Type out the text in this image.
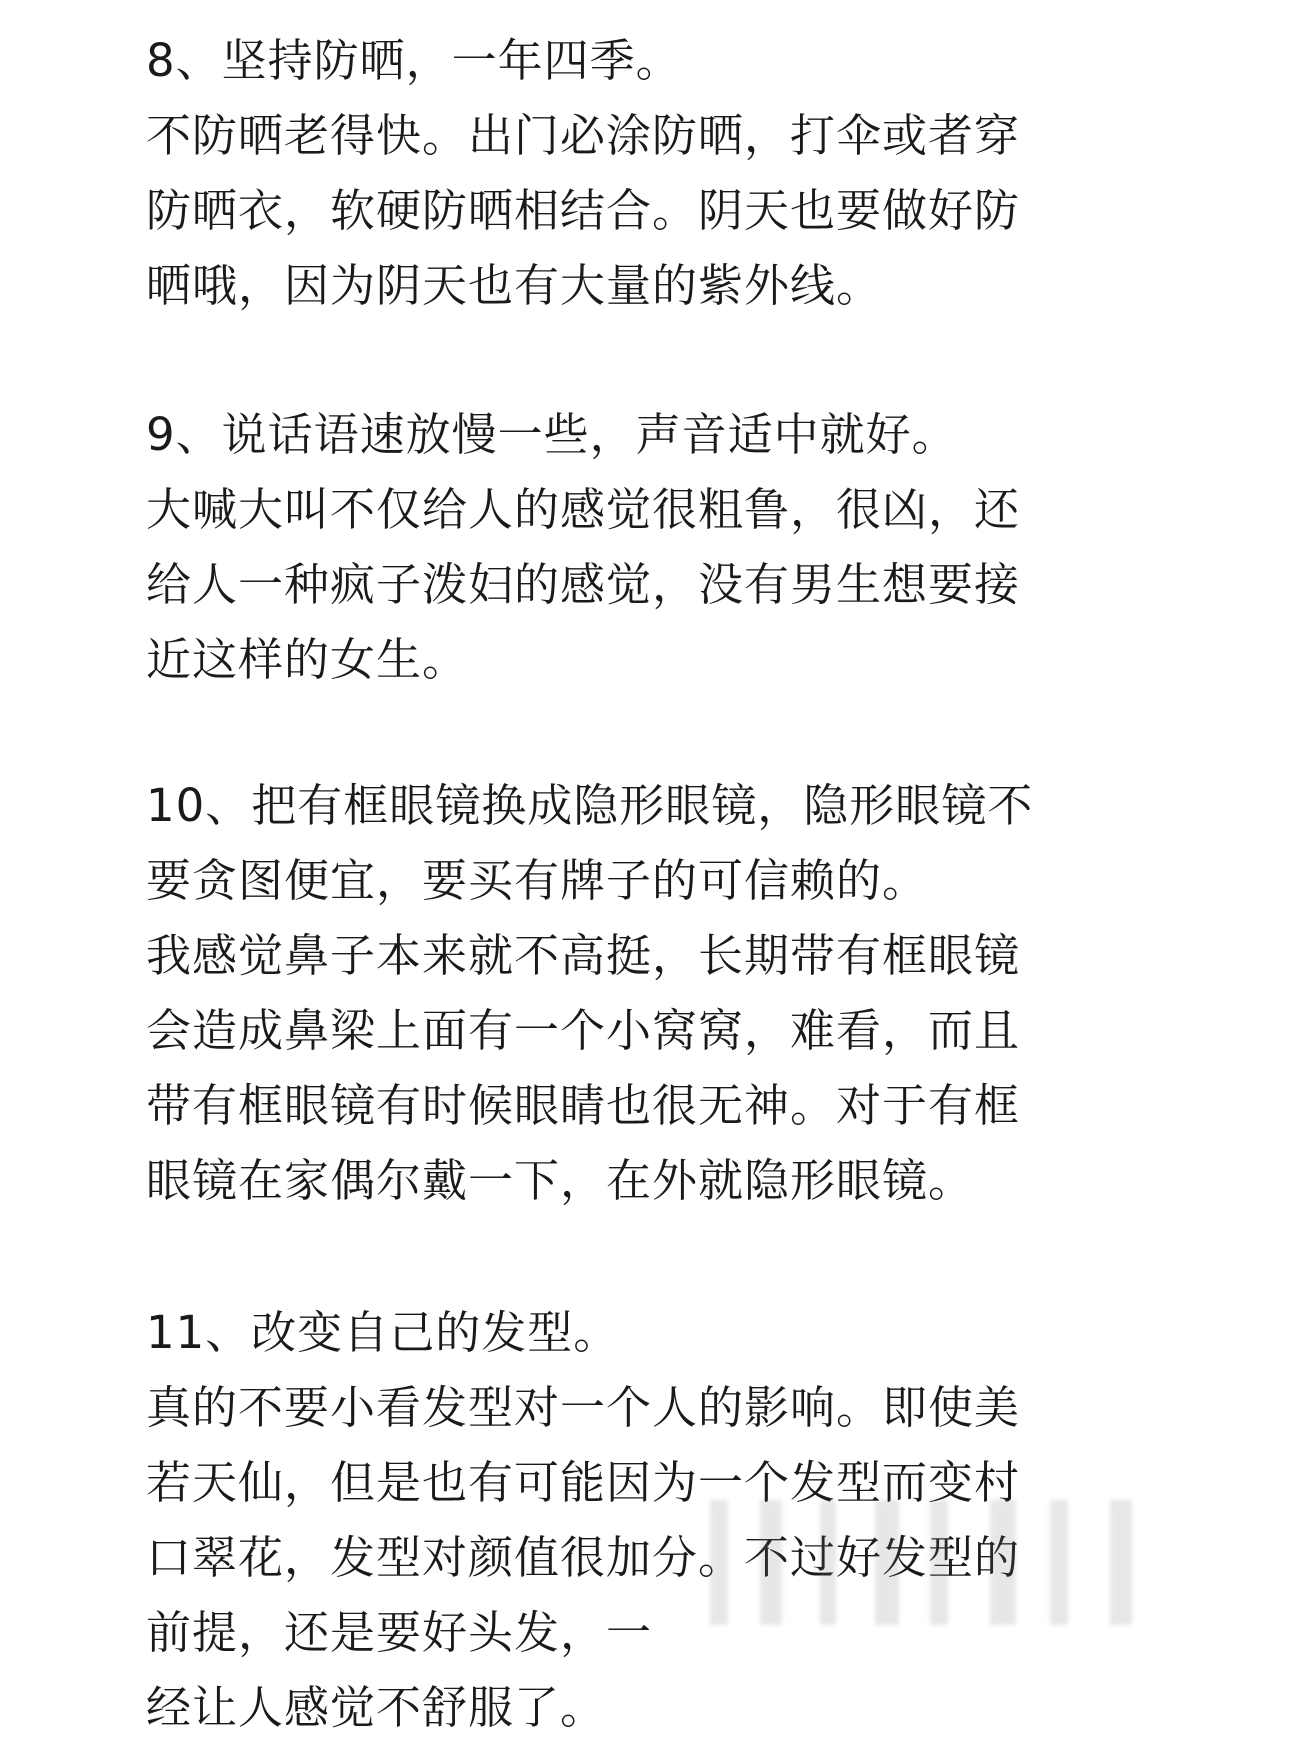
8、坚持防晒，一年四季。

不防晒老得快。出门必涂防晒，打伞或者穿

防晒衣，软硬防晒相结合。阴天也要做好防

晒哦，因为阴天也有大量的紫外线。

9、说话语速放慢一些，声音适中就好。

大喊大叫不仅给人的感觉很粗鲁，很凶，还

给人一种疯子泼妇的感觉，没有男生想要接

近这样的女生。

10、把有框眼镜换成隐形眼镜，隐形眼镜不

要贪图便宜，要买有牌子的可信赖的。

我感觉鼻子本来就不高挺，长期带有框眼镜

会造成鼻梁上面有一个小窝窝，难看，而且

带有框眼镜有时候眼睛也很无神。对于有框

眼镜在家偶尔戴一下，在外就隐形眼镜。

11、改变自己的发型。

真的不要小看发型对一个人的影响。即使美

若天仙，但是也有可能因为一个发型而变村

口翠花，发型对颜值很加分。不过好发型的

前提，还是要好头发，一

经让人感觉不舒服了。
